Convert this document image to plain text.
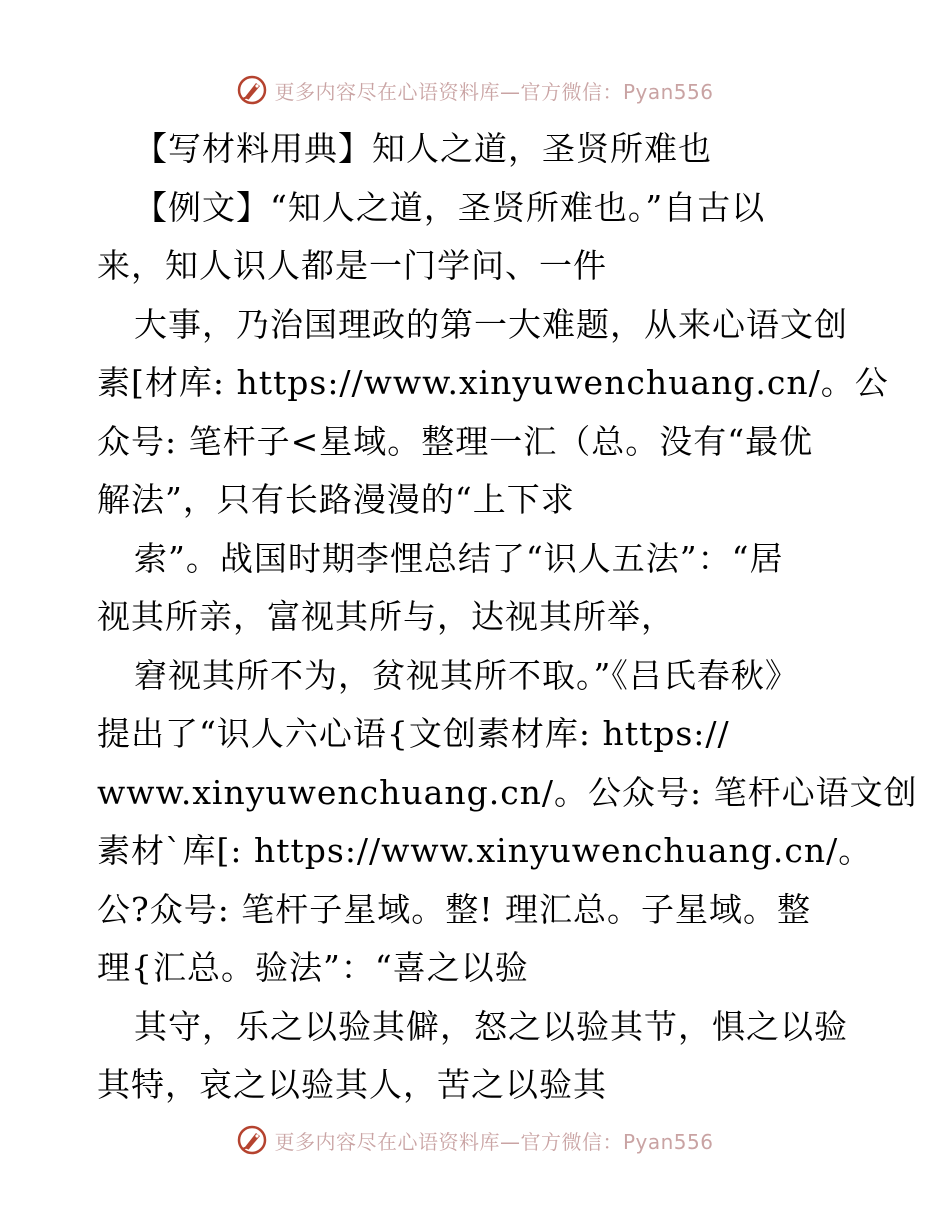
更多内容尽在心语资料库—官方微信：Pyan556
【写材料用典】知人之道，圣贤所难也
【例文】“知人之道，圣贤所难也。”自古以
来，知人识人都是一门学问、一件
大事，乃治国理政的第一大难题，从来心语文创
素[材库: https://www.xinyuwenchuang.cn/。公
众号: 笔杆子<星域。整理一汇（总。没有“最优
解法”，只有长路漫漫的“上下求
索”。战国时期李悝总结了“识人五法”：“居
视其所亲，富视其所与，达视其所举，
窘视其所不为，贫视其所不取。”《吕氏春秋》
提出了“识人六心语{文创素材库: https://
www.xinyuwenchuang.cn/。公众号: 笔杆心语文创
素材`库[: https://www.xinyuwenchuang.cn/。
公?众号: 笔杆子星域。整! 理汇总。子星域。整
理{汇总。验法”：“喜之以验
其守，乐之以验其僻，怒之以验其节，惧之以验
其特，哀之以验其人，苦之以验其
更多内容尽在心语资料库—官方微信：Pyan556
